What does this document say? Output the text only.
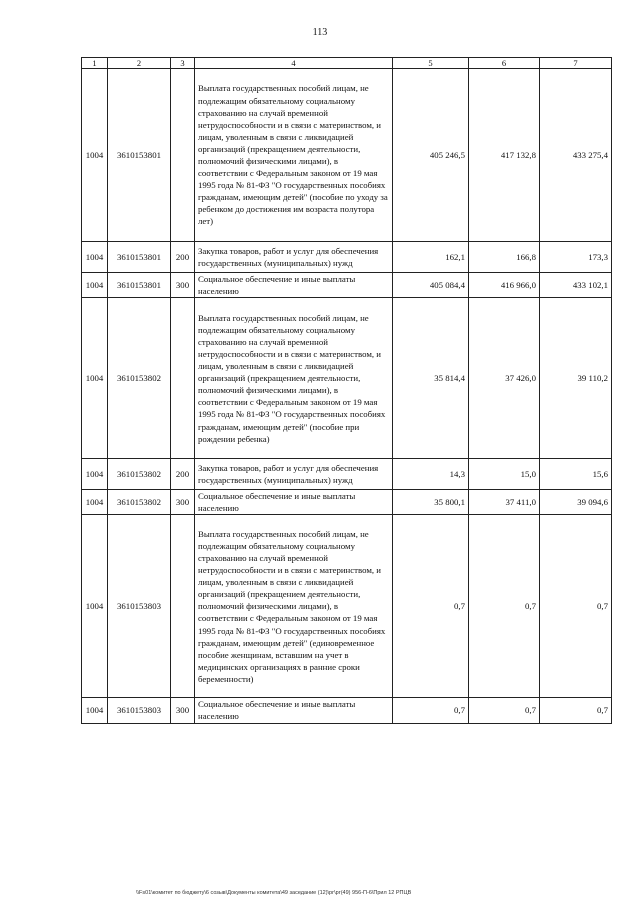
113
1	2	3	4	5	6	7
1004	3610153801		Выплата государственных пособий лицам, не подлежащим обязательному социальному страхованию на случай временной нетрудоспособности и в связи с материнством, и лицам, уволенным в связи с ликвидацией организаций (прекращением деятельности, полномочий физическими лицами), в соответствии с Федеральным законом от 19 мая 1995 года № 81-ФЗ "О государственных пособиях гражданам, имеющим детей" (пособие по уходу за ребенком до достижения им возраста полутора лет)	405 246,5	417 132,8	433 275,4
1004	3610153801	200	Закупка товаров, работ и услуг для обеспечения государственных (муниципальных) нужд	162,1	166,8	173,3
1004	3610153801	300	Социальное обеспечение и иные выплаты населению	405 084,4	416 966,0	433 102,1
1004	3610153802		Выплата государственных пособий лицам, не подлежащим обязательному социальному страхованию на случай временной нетрудоспособности и в связи с материнством, и лицам, уволенным в связи с ликвидацией организаций (прекращением деятельности, полномочий физическими лицами), в соответствии с Федеральным законом от 19 мая 1995 года № 81-ФЗ "О государственных пособиях гражданам, имеющим детей" (пособие при рождении ребенка)	35 814,4	37 426,0	39 110,2
1004	3610153802	200	Закупка товаров, работ и услуг для обеспечения государственных (муниципальных) нужд	14,3	15,0	15,6
1004	3610153802	300	Социальное обеспечение и иные выплаты населению	35 800,1	37 411,0	39 094,6
1004	3610153803		Выплата государственных пособий лицам, не подлежащим обязательному социальному страхованию на случай временной нетрудоспособности и в связи с материнством, и лицам, уволенным в связи с ликвидацией организаций (прекращением деятельности, полномочий физическими лицами), в соответствии с Федеральным законом от 19 мая 1995 года № 81-ФЗ "О государственных пособиях гражданам, имеющим детей" (единовременное пособие женщинам, вставшим на учет в медицинских организациях в ранние сроки беременности)	0,7	0,7	0,7
1004	3610153803	300	Социальное обеспечение и иные выплаты населению	0,7	0,7	0,7
\\Fs01\комитет по бюджету\6 созыв\Документы комитета\49 заседание (12)\рг\рг(49) 956-П-6\Прил 12 РПЦВ
